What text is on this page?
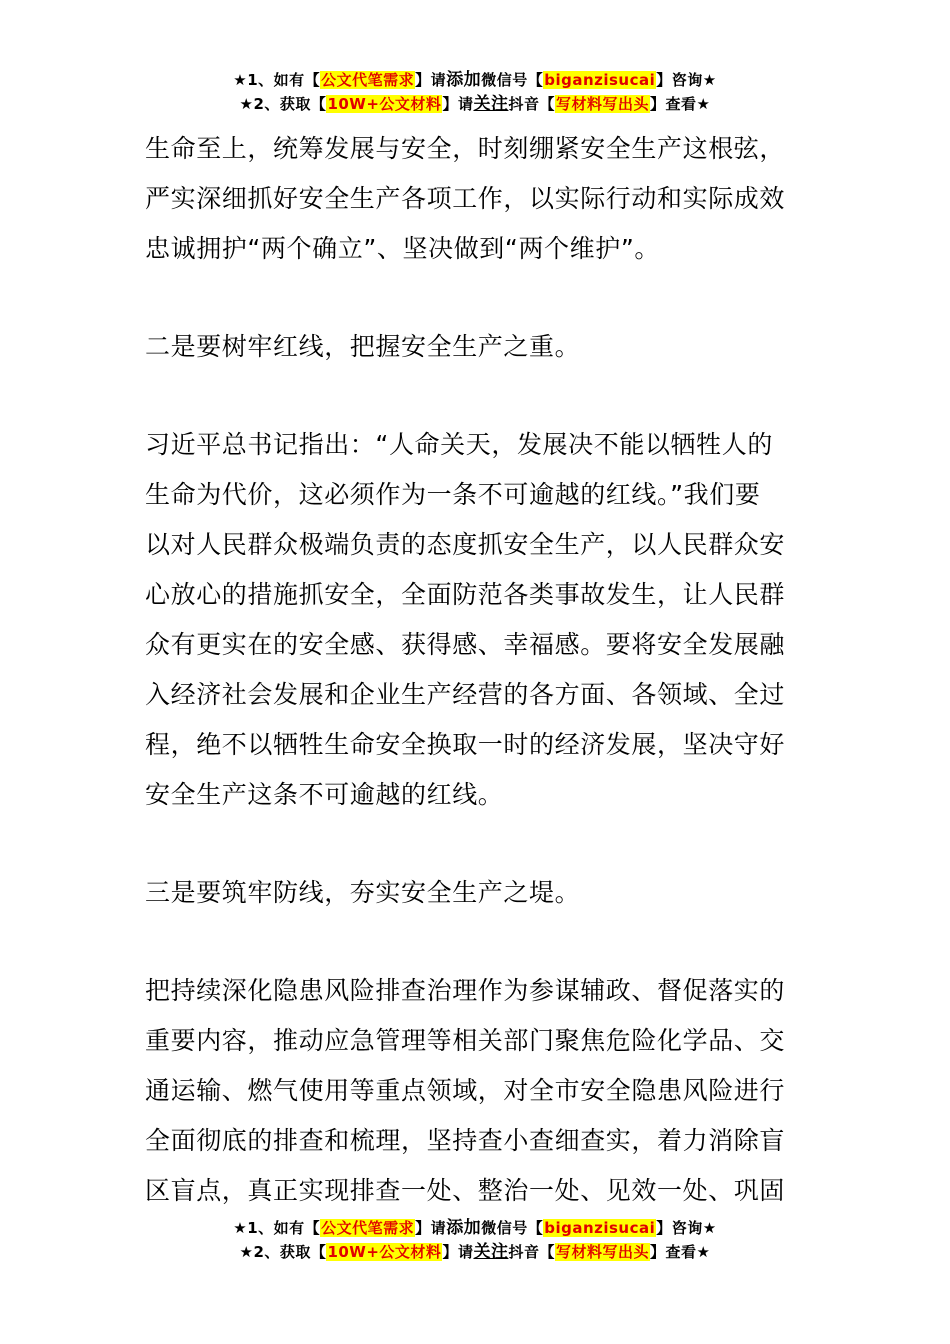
★1、如有【公文代笔需求】请添加微信号【biganzisucai】咨询★
★2、获取【10W+公文材料】请关注抖音【写材料写出头】查看★
生命至上，统筹发展与安全，时刻绷紧安全生产这根弦，
严实深细抓好安全生产各项工作，以实际行动和实际成效
忠诚拥护“两个确立”、坚决做到“两个维护”。
二是要树牢红线，把握安全生产之重。
习近平总书记指出：“人命关天，发展决不能以牺牲人的
生命为代价，这必须作为一条不可逾越的红线。”我们要
以对人民群众极端负责的态度抓安全生产，以人民群众安
心放心的措施抓安全，全面防范各类事故发生，让人民群
众有更实在的安全感、获得感、幸福感。要将安全发展融
入经济社会发展和企业生产经营的各方面、各领域、全过
程，绝不以牺牲生命安全换取一时的经济发展，坚决守好
安全生产这条不可逾越的红线。
三是要筑牢防线，夯实安全生产之堤。
把持续深化隐患风险排查治理作为参谋辅政、督促落实的
重要内容，推动应急管理等相关部门聚焦危险化学品、交
通运输、燃气使用等重点领域，对全市安全隐患风险进行
全面彻底的排查和梳理，坚持查小查细查实，着力消除盲
区盲点，真正实现排查一处、整治一处、见效一处、巩固
★1、如有【公文代笔需求】请添加微信号【biganzisucai】咨询★
★2、获取【10W+公文材料】请关注抖音【写材料写出头】查看★
